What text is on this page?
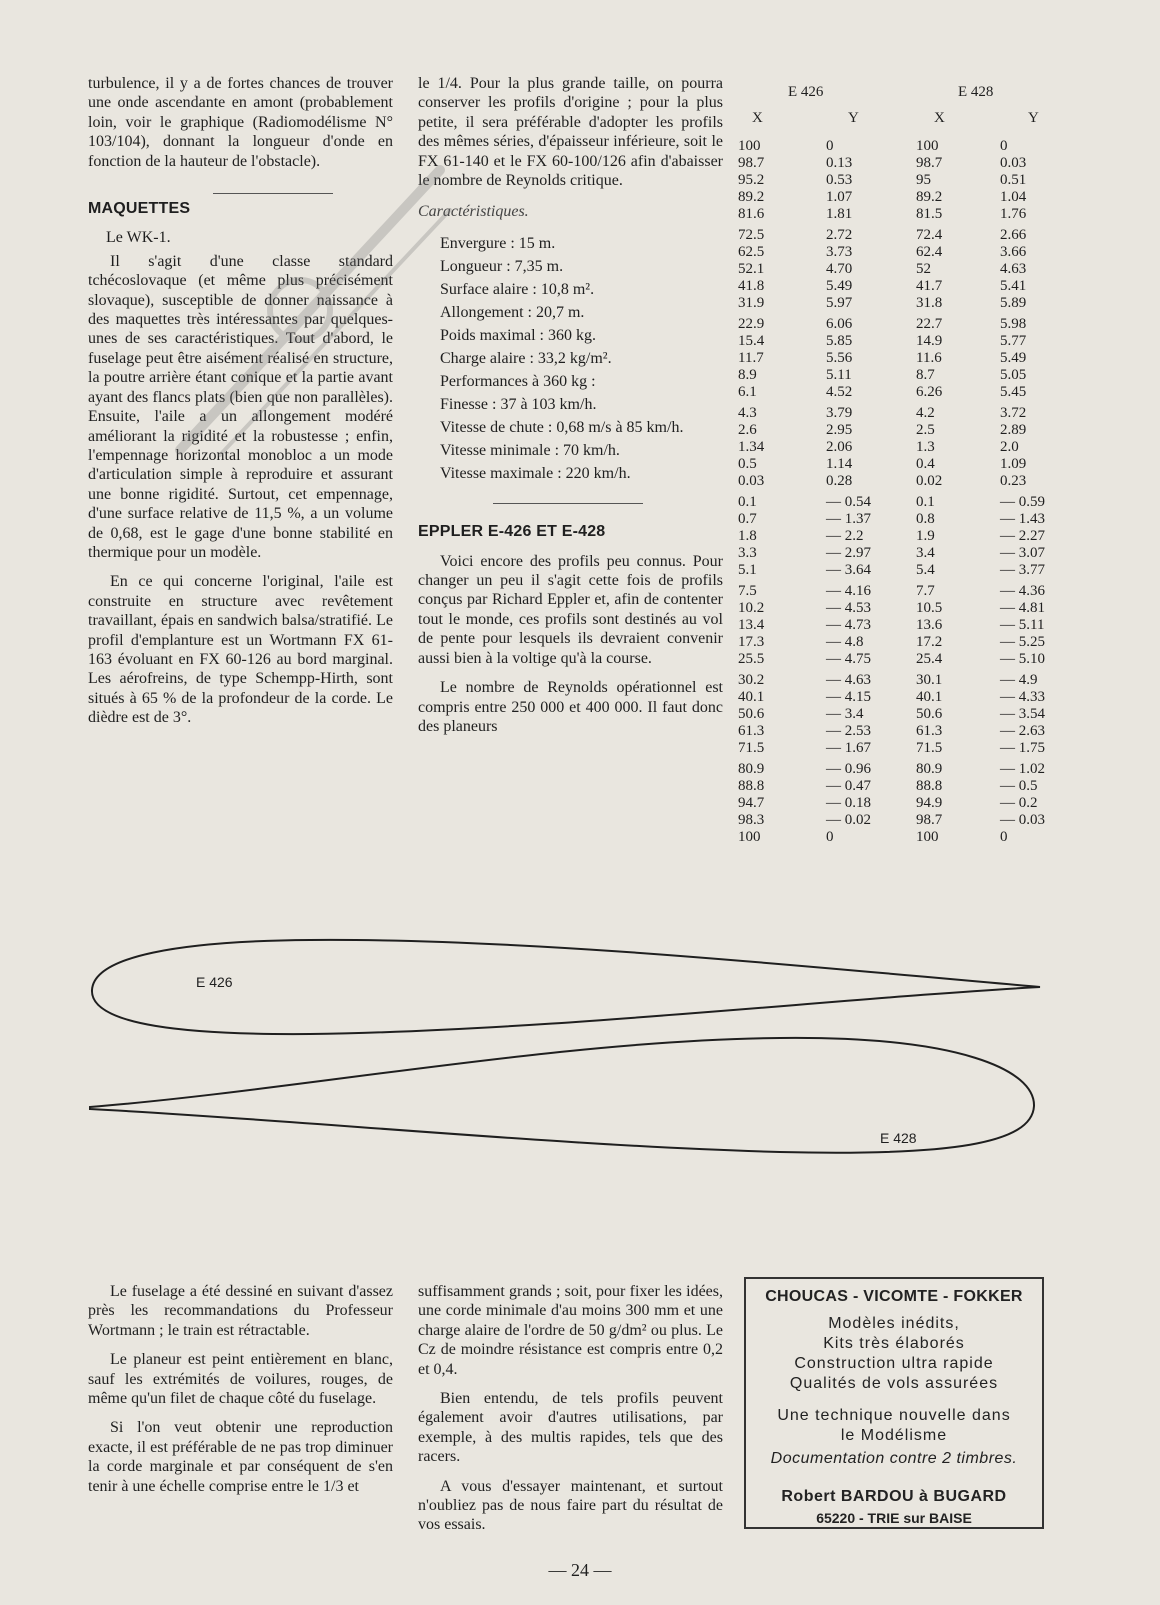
turbulence, il y a de fortes chances de trouver une onde ascendante en amont (probablement loin, voir le graphique (Radiomodélisme N° 103/104), donnant la longueur d'onde en fonction de la hauteur de l'obstacle).

MAQUETTES

Le WK-1.

Il s'agit d'une classe standard tchécoslovaque (et même plus précisément slovaque), susceptible de donner naissance à des maquettes très intéressantes par quelques-unes de ses caractéristiques. Tout d'abord, le fuselage peut être aisément réalisé en structure, la poutre arrière étant conique et la partie avant ayant des flancs plats (bien que non parallèles). Ensuite, l'aile a un allongement modéré améliorant la rigidité et la robustesse ; enfin, l'empennage horizontal monobloc a un mode d'articulation simple à reproduire et assurant une bonne rigidité. Surtout, cet empennage, d'une surface relative de 11,5 %, a un volume de 0,68, est le gage d'une bonne stabilité en thermique pour un modèle.

En ce qui concerne l'original, l'aile est construite en structure avec revêtement travaillant, épais en sandwich balsa/stratifié. Le profil d'emplanture est un Wortmann FX 61-163 évoluant en FX 60-126 au bord marginal. Les aérofreins, de type Schempp-Hirth, sont situés à 65 % de la profondeur de la corde. Le dièdre est de 3°.

le 1/4. Pour la plus grande taille, on pourra conserver les profils d'origine ; pour la plus petite, il sera préférable d'adopter les profils des mêmes séries, d'épaisseur inférieure, soit le FX 61-140 et le FX 60-100/126 afin d'abaisser le nombre de Reynolds critique.

Caractéristiques.

Envergure : 15 m.
Longueur : 7,35 m.
Surface alaire : 10,8 m².
Allongement : 20,7 m.
Poids maximal : 360 kg.
Charge alaire : 33,2 kg/m².
Performances à 360 kg :
Finesse : 37 à 103 km/h.
Vitesse de chute : 0,68 m/s à 85 km/h.
Vitesse minimale : 70 km/h.
Vitesse maximale : 220 km/h.
EPPLER E-426 ET E-428

Voici encore des profils peu connus. Pour changer un peu il s'agit cette fois de profils conçus par Richard Eppler et, afin de contenter tout le monde, ces profils sont destinés au vol de pente pour lesquels ils devraient convenir aussi bien à la voltige qu'à la course.

Le nombre de Reynolds opérationnel est compris entre 250 000 et 400 000. Il faut donc des planeurs

E 426	E 428
X	Y	X	Y
100	0	100	0
98.7	0.13	98.7	0.03
95.2	0.53	95	0.51
89.2	1.07	89.2	1.04
81.6	1.81	81.5	1.76
72.5	2.72	72.4	2.66
62.5	3.73	62.4	3.66
52.1	4.70	52	4.63
41.8	5.49	41.7	5.41
31.9	5.97	31.8	5.89
22.9	6.06	22.7	5.98
15.4	5.85	14.9	5.77
11.7	5.56	11.6	5.49
8.9	5.11	8.7	5.05
6.1	4.52	6.26	5.45
4.3	3.79	4.2	3.72
2.6	2.95	2.5	2.89
1.34	2.06	1.3	2.0
0.5	1.14	0.4	1.09
0.03	0.28	0.02	0.23
0.1	— 0.54	0.1	— 0.59
0.7	— 1.37	0.8	— 1.43
1.8	— 2.2	1.9	— 2.27
3.3	— 2.97	3.4	— 3.07
5.1	— 3.64	5.4	— 3.77
7.5	— 4.16	7.7	— 4.36
10.2	— 4.53	10.5	— 4.81
13.4	— 4.73	13.6	— 5.11
17.3	— 4.8	17.2	— 5.25
25.5	— 4.75	25.4	— 5.10
30.2	— 4.63	30.1	— 4.9
40.1	— 4.15	40.1	— 4.33
50.6	— 3.4	50.6	— 3.54
61.3	— 2.53	61.3	— 2.63
71.5	— 1.67	71.5	— 1.75
80.9	— 0.96	80.9	— 1.02
88.8	— 0.47	88.8	— 0.5
94.7	— 0.18	94.9	— 0.2
98.3	— 0.02	98.7	— 0.03
100	0	100	0
E 426
E 428

Le fuselage a été dessiné en suivant d'assez près les recommandations du Professeur Wortmann ; le train est rétractable.

Le planeur est peint entièrement en blanc, sauf les extrémités de voilures, rouges, de même qu'un filet de chaque côté du fuselage.

Si l'on veut obtenir une reproduction exacte, il est préférable de ne pas trop diminuer la corde marginale et par conséquent de s'en tenir à une échelle comprise entre le 1/3 et

suffisamment grands ; soit, pour fixer les idées, une corde minimale d'au moins 300 mm et une charge alaire de l'ordre de 50 g/dm² ou plus. Le Cz de moindre résistance est compris entre 0,2 et 0,4.

Bien entendu, de tels profils peuvent également avoir d'autres utilisations, par exemple, à des multis rapides, tels que des racers.

A vous d'essayer maintenant, et surtout n'oubliez pas de nous faire part du résultat de vos essais.

CHOUCAS - VICOMTE - FOKKER
Modèles inédits,
Kits très élaborés
Construction ultra rapide
Qualités de vols assurées
Une technique nouvelle dans
le Modélisme
Documentation contre 2 timbres.
Robert BARDOU à BUGARD
65220 - TRIE sur BAISE
— 24 —
